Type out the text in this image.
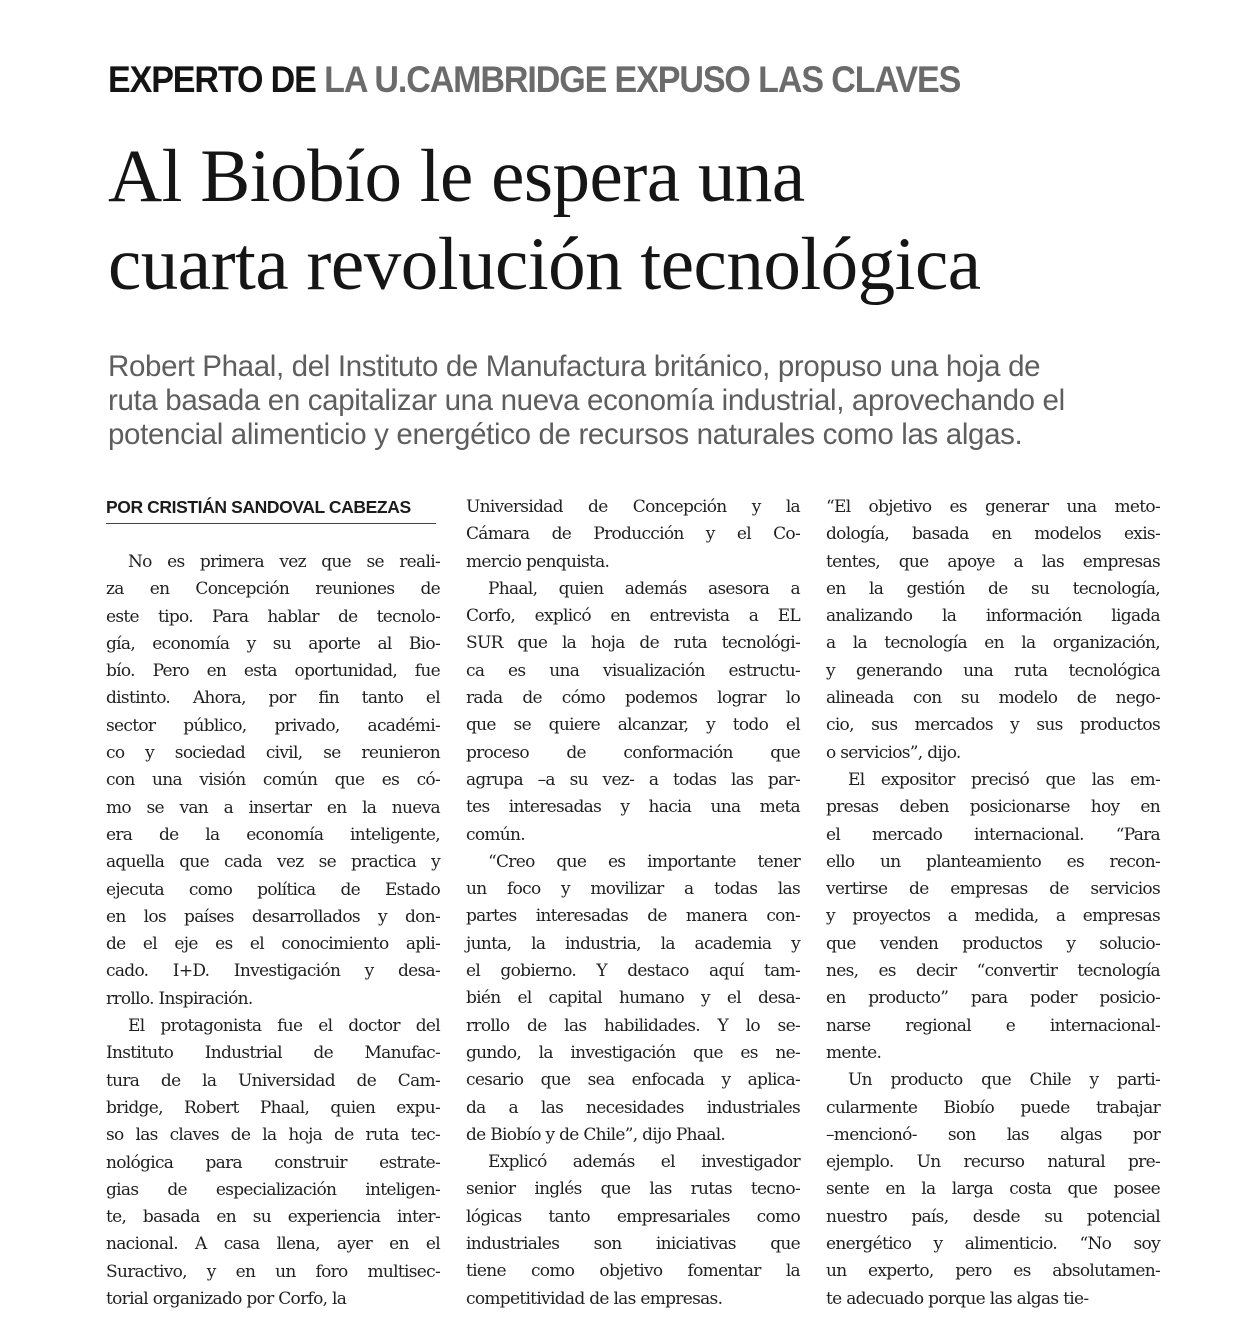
EXPERTO DE LA U.CAMBRIDGE EXPUSO LAS CLAVES
Al Biobío le espera una
cuarta revolución tecnológica
Robert Phaal, del Instituto de Manufactura británico, propuso una hoja de
ruta basada en capitalizar una nueva economía industrial, aprovechando el
potencial alimenticio y energético de recursos naturales como las algas.
POR CRISTIÁN SANDOVAL CABEZAS

No es primera vez que se reali-
za en Concepción reuniones de
este tipo. Para hablar de tecnolo-
gía, economía y su aporte al Bio-
bío. Pero en esta oportunidad, fue
distinto. Ahora, por fin tanto el
sector público, privado, académi-
co y sociedad civil, se reunieron
con una visión común que es có-
mo se van a insertar en la nueva
era de la economía inteligente,
aquella que cada vez se practica y
ejecuta como política de Estado
en los países desarrollados y don-
de el eje es el conocimiento apli-
cado. I+D. Investigación y desa-
rrollo. Inspiración.

El protagonista fue el doctor del
Instituto Industrial de Manufac-
tura de la Universidad de Cam-
bridge, Robert Phaal, quien expu-
so las claves de la hoja de ruta tec-
nológica para construir estrate-
gias de especialización inteligen-
te, basada en su experiencia inter-
nacional. A casa llena, ayer en el
Suractivo, y en un foro multisec-
torial organizado por Corfo, la

Universidad de Concepción y la
Cámara de Producción y el Co-
mercio penquista.

Phaal, quien además asesora a
Corfo, explicó en entrevista a EL
SUR que la hoja de ruta tecnológi-
ca es una visualización estructu-
rada de cómo podemos lograr lo
que se quiere alcanzar, y todo el
proceso de conformación que
agrupa –a su vez- a todas las par-
tes interesadas y hacia una meta
común.

“Creo que es importante tener
un foco y movilizar a todas las
partes interesadas de manera con-
junta, la industria, la academia y
el gobierno. Y destaco aquí tam-
bién el capital humano y el desa-
rrollo de las habilidades. Y lo se-
gundo, la investigación que es ne-
cesario que sea enfocada y aplica-
da a las necesidades industriales
de Biobío y de Chile”, dijo Phaal.

Explicó además el investigador
senior inglés que las rutas tecno-
lógicas tanto empresariales como
industriales son iniciativas que
tiene como objetivo fomentar la
competitividad de las empresas.

“El objetivo es generar una meto-
dología, basada en modelos exis-
tentes, que apoye a las empresas
en la gestión de su tecnología,
analizando la información ligada
a la tecnología en la organización,
y generando una ruta tecnológica
alineada con su modelo de nego-
cio, sus mercados y sus productos
o servicios”, dijo.

El expositor precisó que las em-
presas deben posicionarse hoy en
el mercado internacional. “Para
ello un planteamiento es recon-
vertirse de empresas de servicios
y proyectos a medida, a empresas
que venden productos y solucio-
nes, es decir “convertir tecnología
en producto” para poder posicio-
narse regional e internacional-
mente.

Un producto que Chile y parti-
cularmente Biobío puede trabajar
–mencionó- son las algas por
ejemplo. Un recurso natural pre-
sente en la larga costa que posee
nuestro país, desde su potencial
energético y alimenticio. “No soy
un experto, pero es absolutamen-
te adecuado porque las algas tie-
